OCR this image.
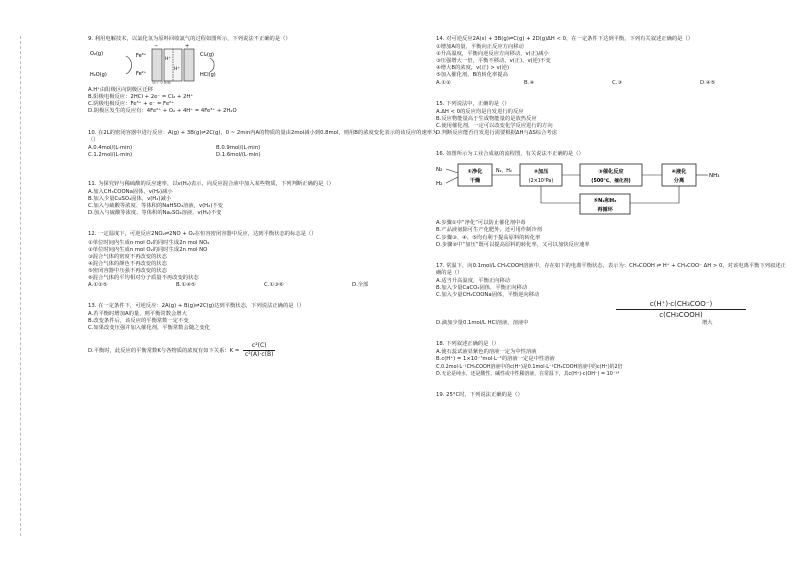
9. 利用电解技术，以氯化氢为原料回收氯气的过程如图所示，下列说法不正确的是（）

O₂(g)
H₂O(g)
Fe³⁺
Fe²⁺
H⁺
H⁺
+
−
Cl₂(g)
HCl(g)
质子交换膜

A.H⁺由阳极区向阴极区迁移

B.阳极电极反应：2HCl + 2e⁻ = Cl₂ + 2H⁺

C.阴极电极反应：Fe³⁺ + e⁻ = Fe²⁺

D.阴极区发生的反应有：4Fe²⁺ + O₂ + 4H⁺ = 4Fe³⁺ + 2H₂O

10. 在2L的密闭容器中进行反应：A(g) + 3B(g)⇌2C(g)，0 ~ 2min内A的物质的量由2mol减小到0.8mol，则用B的浓度变化表示的该反应的速率为（）

A.0.4mol/(L·min)	B.0.9mol/(L·min)

C.1.2mol/(L·min)	D.1.6mol/(L·min)

11. 为探究锌与稀硫酸的反应速率，以v(H₂)表示，向反应混合液中加入某些物质，下列判断正确的是（）

A.加入CH₃COONa固体，v(H₂)减小

B.加入少量CuSO₄固体，v(H₂)减小

C.加入与硫酸等浓度、等体积的NaHSO₄溶液，v(H₂)不变

D.加入与硫酸等浓度、等体积的Na₂SO₄溶液，v(H₂)不变

12. 一定温度下，可逆反应2NO₂⇌2NO + O₂在恒容密闭容器中反应，达到平衡状态的标志是（）

①单位时间内生成n mol O₂的同时生成2n mol NO₂

②单位时间内生成n mol O₂的同时生成2n mol NO

③混合气体的密度不再改变的状态

④混合气体的颜色不再改变的状态

⑤密闭容器中压强不再改变的状态

⑥混合气体的平均相对分子质量不再改变的状态

A.①②⑤	B.①④⑤	C.①③⑥	D.全部

13. 在一定条件下，可逆反应：2A(g) + B(g)⇌2C(g)达到平衡状态，下列说法正确的是（）

A.若平衡时增加A的量，则平衡常数会增大

B.改变条件后，该反应的平衡常数一定不变

C.如果改变压强并加入催化剂，平衡常数会随之变化

D.平衡时，此反应的平衡常数K与各物质的浓度有如下关系：$K = \frac{\text{c²(C)}}{\text{c²(A)·c(B)}}$

14. 对可逆反应2A(s) + 3B(g)⇌C(g) + 2D(g)ΔH < 0，在一定条件下达到平衡，下列有关叙述正确的是（）

①增加A的量，平衡向正反应方向移动

②升高温度，平衡向逆反应方向移动，v(正)减小

③压强增大一倍，平衡不移动，v(正)、v(逆)不变

④增大B的浓度，v(正) > v(逆)

⑤加入催化剂，B的转化率提高

A.①②	B.④	C.③	D.④⑤

15. 下列说法中，正确的是（）

A.ΔH < 0的反应均是自发进行的反应

B.反应物能量高于生成物能量的是放热反应

C.使用催化剂，一定可以改变化学反应进行的方向

D.判断反应能否自发进行需要根据ΔH与ΔS综合考虑

16. 如图所示为工业合成氨的流程图，有关说法不正确的是（）

N₂
H₂
①净化
干燥
N₂、H₂	②加压
(2×10⁷Pa)
③催化反应
(500℃、催化剂)
④液化
分离
NH₃
⑤N₂和H₂
再循环

A.步骤①中“净化”可以防止催化剂中毒

B.产品液氨除可生产化肥外，还可用作制冷剂

C.步骤③、④、⑤均有利于提高原料的转化率

D.步骤②中“加压”既可以提高原料的转化率，又可以加快反应速率

17. 常温下，向0.1mol/L CH₃COOH溶液中，存在如下的电离平衡状态，表示为：CH₃COOH ⇌ H⁺ + CH₃COO⁻ ΔH > 0，对该电离平衡下列叙述正确的是（）

A.适当升高温度，平衡正向移动

B.加入少量CaCO₃固体，平衡正向移动

C.加入少量CH₃COONa固体，平衡逆向移动

c(H⁺)·c(CH₃COO⁻)
c(CH₃COOH)

D.滴加少量0.1mol/L HCl溶液，溶液中	增大

18. 下列叙述正确的是（）

A.使石蕊试液显紫色的溶液一定为中性溶液

B.c(H⁺) = 1×10⁻⁷mol·L⁻¹的溶液一定是中性溶液

C.0.2mol·L⁻¹CH₃COOH溶液中的c(H⁺)是0.1mol·L⁻¹CH₃COOH溶液中的c(H⁺)的2倍

D.无论是纯水，还是酸性、碱性或中性稀溶液，在常温下，其c(H⁺)·c(OH⁻) = 10⁻¹⁴

19. 25°C时，下列说法正确的是（）
